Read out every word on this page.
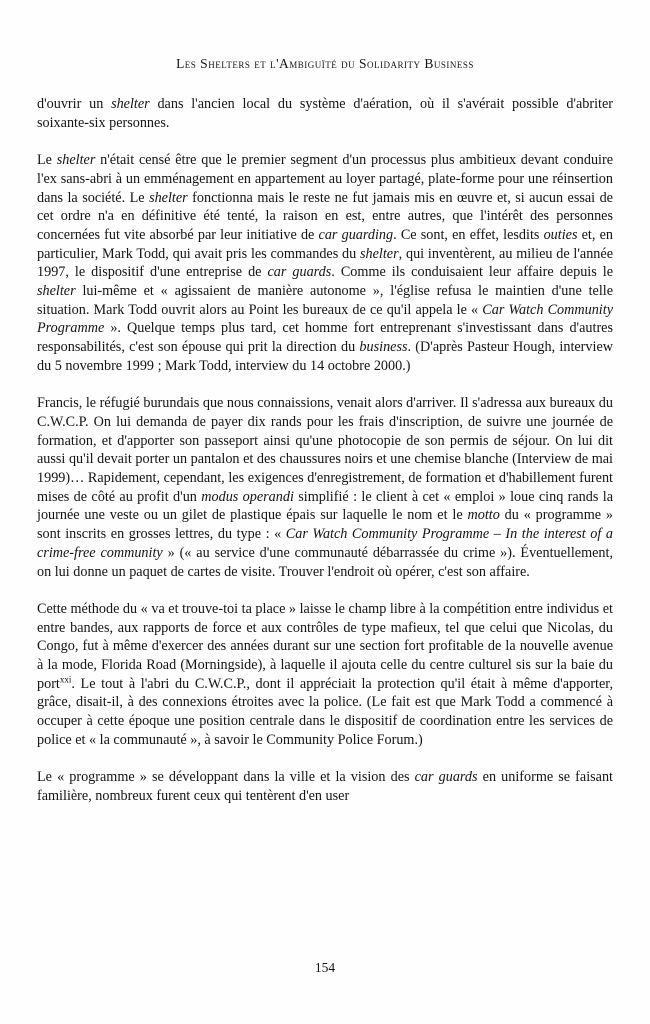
Les Shelters et l'Ambiguïté du Solidarity Business

d'ouvrir un shelter dans l'ancien local du système d'aération, où il s'avérait possible d'abriter soixante-six personnes.

Le shelter n'était censé être que le premier segment d'un processus plus ambitieux devant conduire l'ex sans-abri à un emménagement en appartement au loyer partagé, plate-forme pour une réinsertion dans la société. Le shelter fonctionna mais le reste ne fut jamais mis en œuvre et, si aucun essai de cet ordre n'a en définitive été tenté, la raison en est, entre autres, que l'intérêt des personnes concernées fut vite absorbé par leur initiative de car guarding. Ce sont, en effet, lesdits outies et, en particulier, Mark Todd, qui avait pris les commandes du shelter, qui inventèrent, au milieu de l'année 1997, le dispositif d'une entreprise de car guards. Comme ils conduisaient leur affaire depuis le shelter lui-même et « agissaient de manière autonome », l'église refusa le maintien d'une telle situation. Mark Todd ouvrit alors au Point les bureaux de ce qu'il appela le « Car Watch Community Programme ». Quelque temps plus tard, cet homme fort entreprenant s'investissant dans d'autres responsabilités, c'est son épouse qui prit la direction du business. (D'après Pasteur Hough, interview du 5 novembre 1999 ; Mark Todd, interview du 14 octobre 2000.)

Francis, le réfugié burundais que nous connaissions, venait alors d'arriver. Il s'adressa aux bureaux du C.W.C.P. On lui demanda de payer dix rands pour les frais d'inscription, de suivre une journée de formation, et d'apporter son passeport ainsi qu'une photocopie de son permis de séjour. On lui dit aussi qu'il devait porter un pantalon et des chaussures noirs et une chemise blanche (Interview de mai 1999)… Rapidement, cependant, les exigences d'enregistrement, de formation et d'habillement furent mises de côté au profit d'un modus operandi simplifié : le client à cet « emploi » loue cinq rands la journée une veste ou un gilet de plastique épais sur laquelle le nom et le motto du « programme » sont inscrits en grosses lettres, du type : « Car Watch Community Programme – In the interest of a crime-free community » (« au service d'une communauté débarrassée du crime »). Éventuellement, on lui donne un paquet de cartes de visite. Trouver l'endroit où opérer, c'est son affaire.

Cette méthode du « va et trouve-toi ta place » laisse le champ libre à la compétition entre individus et entre bandes, aux rapports de force et aux contrôles de type mafieux, tel que celui que Nicolas, du Congo, fut à même d'exercer des années durant sur une section fort profitable de la nouvelle avenue à la mode, Florida Road (Morningside), à laquelle il ajouta celle du centre culturel sis sur la baie du port$^{xxi}$. Le tout à l'abri du C.W.C.P., dont il appréciait la protection qu'il était à même d'apporter, grâce, disait-il, à des connexions étroites avec la police. (Le fait est que Mark Todd a commencé à occuper à cette époque une position centrale dans le dispositif de coordination entre les services de police et « la communauté », à savoir le Community Police Forum.)

Le « programme » se développant dans la ville et la vision des car guards en uniforme se faisant familière, nombreux furent ceux qui tentèrent d'en user

154
